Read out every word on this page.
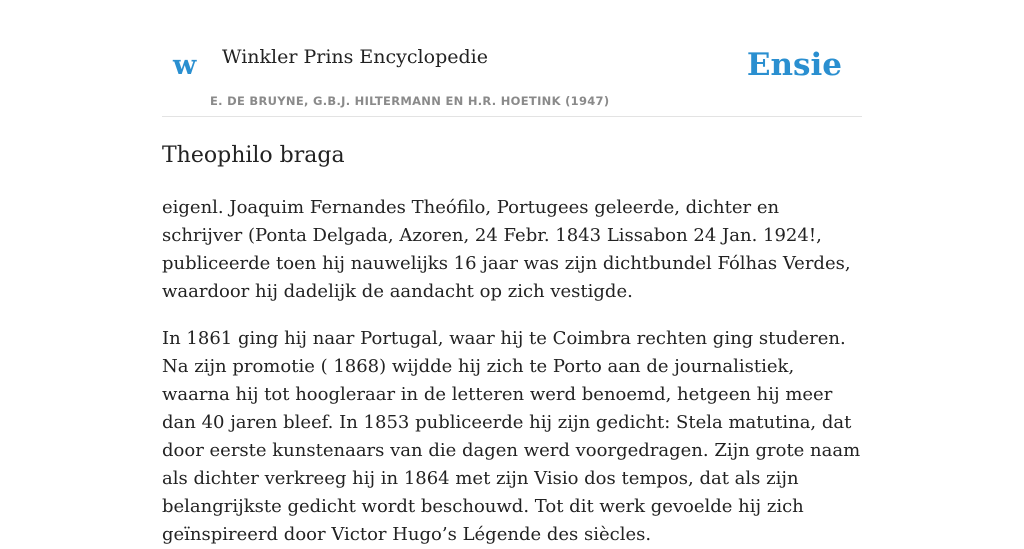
w Winkler Prins Encyclopedie
E. DE BRUYNE, G.B.J. HILTERMANN EN H.R. HOETINK (1947)
Ensie
Theophilo braga

eigenl. Joaquim Fernandes Theófilo, Portugees geleerde, dichter en schrijver (Ponta Delgada, Azoren, 24 Febr. 1843 Lissabon 24 Jan. 1924!, publiceerde toen hij nauwelijks 16 jaar was zijn dichtbundel Fólhas Verdes, waardoor hij dadelijk de aandacht op zich vestigde.

In 1861 ging hij naar Portugal, waar hij te Coimbra rechten ging studeren. Na zijn promotie ( 1868) wijdde hij zich te Porto aan de journalistiek, waarna hij tot hoogleraar in de letteren werd benoemd, hetgeen hij meer dan 40 jaren bleef. In 1853 publiceerde hij zijn gedicht: Stela matutina, dat door eerste kunstenaars van die dagen werd voorgedragen. Zijn grote naam als dichter verkreeg hij in 1864 met zijn Visio dos tempos, dat als zijn belangrijkste gedicht wordt beschouwd. Tot dit werk gevoelde hij zich geïnspireerd door Victor Hugo’s Légende des siècles.
